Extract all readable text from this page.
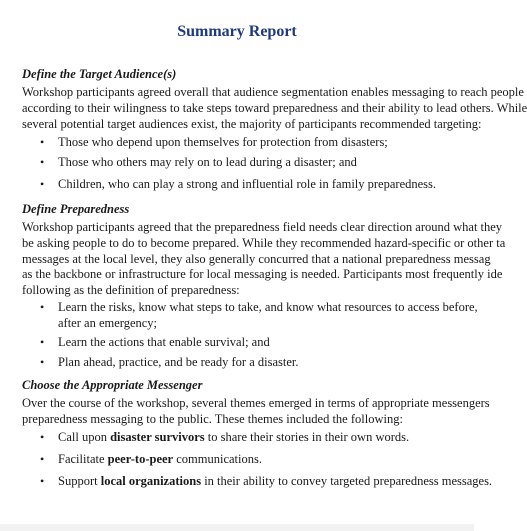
Summary Report
Define the Target Audience(s)
Workshop participants agreed overall that audience segmentation enables messaging to reach people
according to their wilingness to take steps toward preparedness and their ability to lead others. While
several potential target audiences exist, the majority of participants recommended targeting:
• Those who depend upon themselves for protection from disasters;
• Those who others may rely on to lead during a disaster; and
• Children, who can play a strong and influential role in family preparedness.
Define Preparedness
Workshop participants agreed that the preparedness field needs clear direction around what they
be asking people to do to become prepared. While they recommended hazard-specific or other ta
messages at the local level, they also generally concurred that a national preparedness messag
as the backbone or infrastructure for local messaging is needed. Participants most frequently ide
following as the definition of preparedness:
• Learn the risks, know what steps to take, and know what resources to access before,
after an emergency;
• Learn the actions that enable survival; and
• Plan ahead, practice, and be ready for a disaster.
Choose the Appropriate Messenger
Over the course of the workshop, several themes emerged in terms of appropriate messengers
preparedness messaging to the public. These themes included the following:
• Call upon disaster survivors to share their stories in their own words.
• Facilitate peer-to-peer communications.
• Support local organizations in their ability to convey targeted preparedness messages.
